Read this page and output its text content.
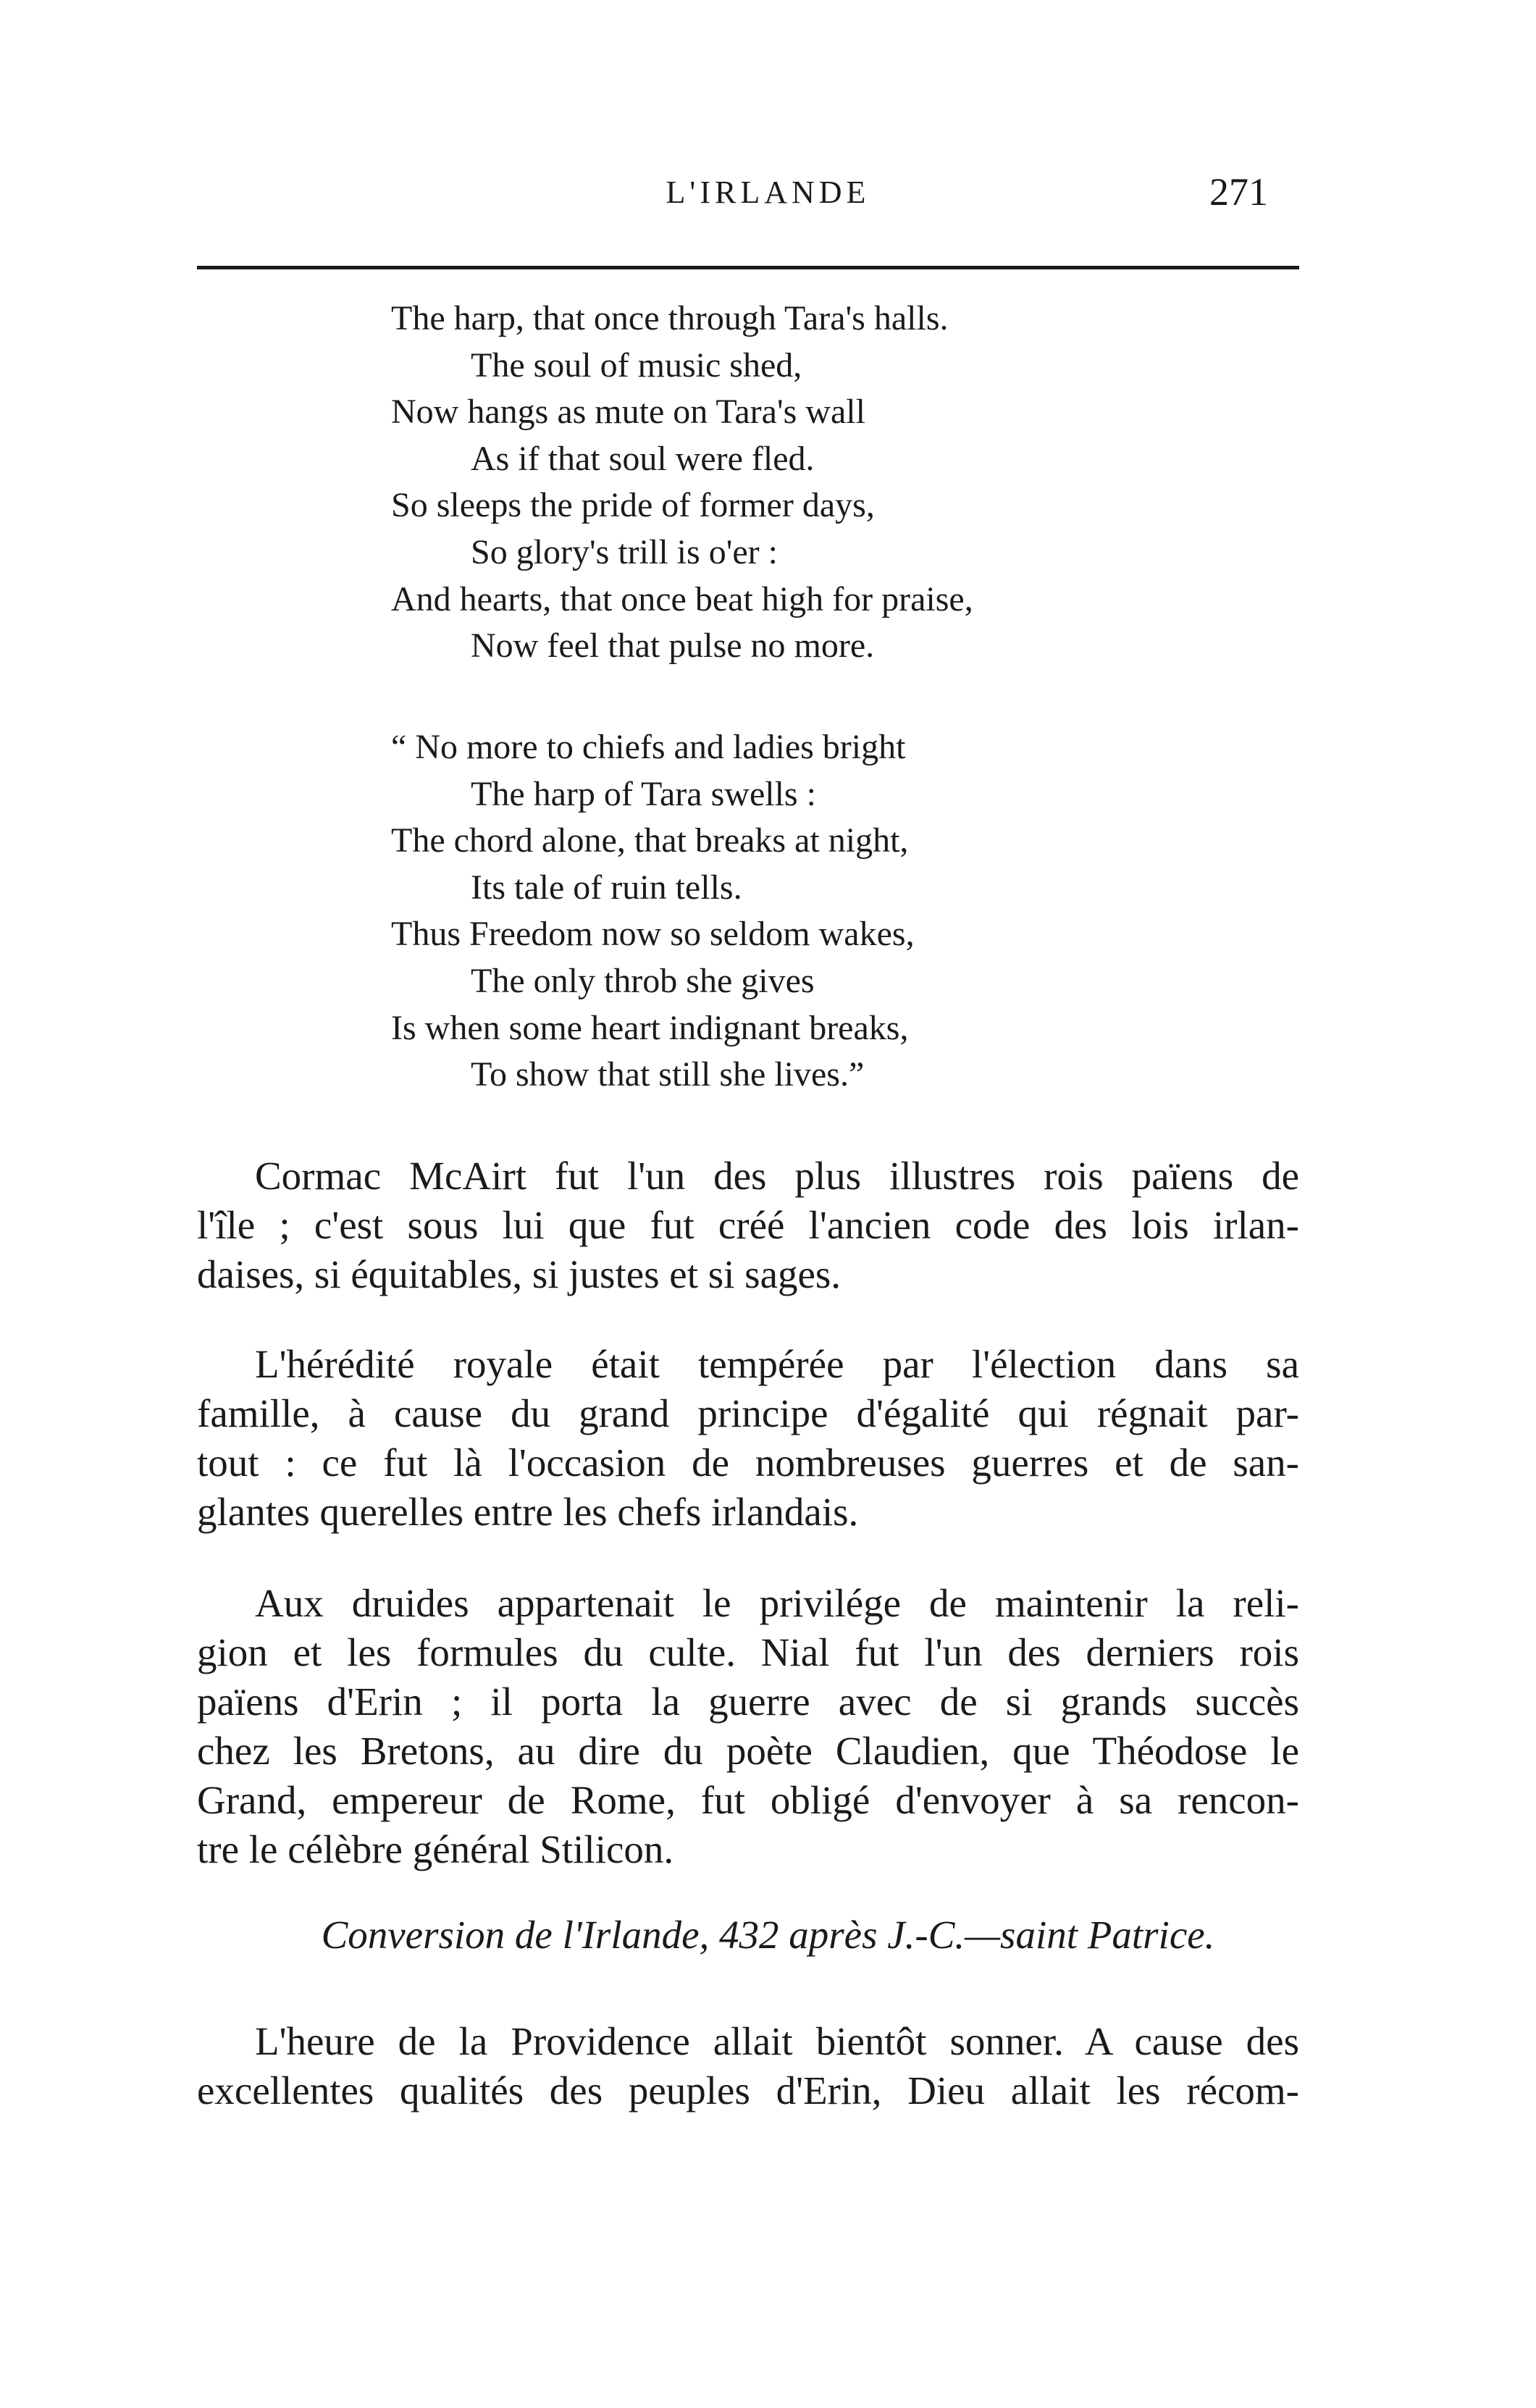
L'IRLANDE	271
The harp, that once through Tara's halls.
The soul of music shed,
Now hangs as mute on Tara's wall
As if that soul were fled.
So sleeps the pride of former days,
So glory's trill is o'er :
And hearts, that once beat high for praise,
Now feel that pulse no more.
“ No more to chiefs and ladies bright
The harp of Tara swells :
The chord alone, that breaks at night,
Its tale of ruin tells.
Thus Freedom now so seldom wakes,
The only throb she gives
Is when some heart indignant breaks,
To show that still she lives.”
Cormac McAirt fut l'un des plus illustres rois païens de
l'île ; c'est sous lui que fut créé l'ancien code des lois irlan-
daises, si équitables, si justes et si sages.
L'hérédité royale était tempérée par l'élection dans sa
famille, à cause du grand principe d'égalité qui régnait par-
tout : ce fut là l'occasion de nombreuses guerres et de san-
glantes querelles entre les chefs irlandais.
Aux druides appartenait le privilége de maintenir la reli-
gion et les formules du culte. Nial fut l'un des derniers rois
païens d'Erin ; il porta la guerre avec de si grands succès
chez les Bretons, au dire du poète Claudien, que Théodose le
Grand, empereur de Rome, fut obligé d'envoyer à sa rencon-
tre le célèbre général Stilicon.
Conversion de l'Irlande, 432 après J.-C.—saint Patrice.
L'heure de la Providence allait bientôt sonner. A cause des
excellentes qualités des peuples d'Erin, Dieu allait les récom-
